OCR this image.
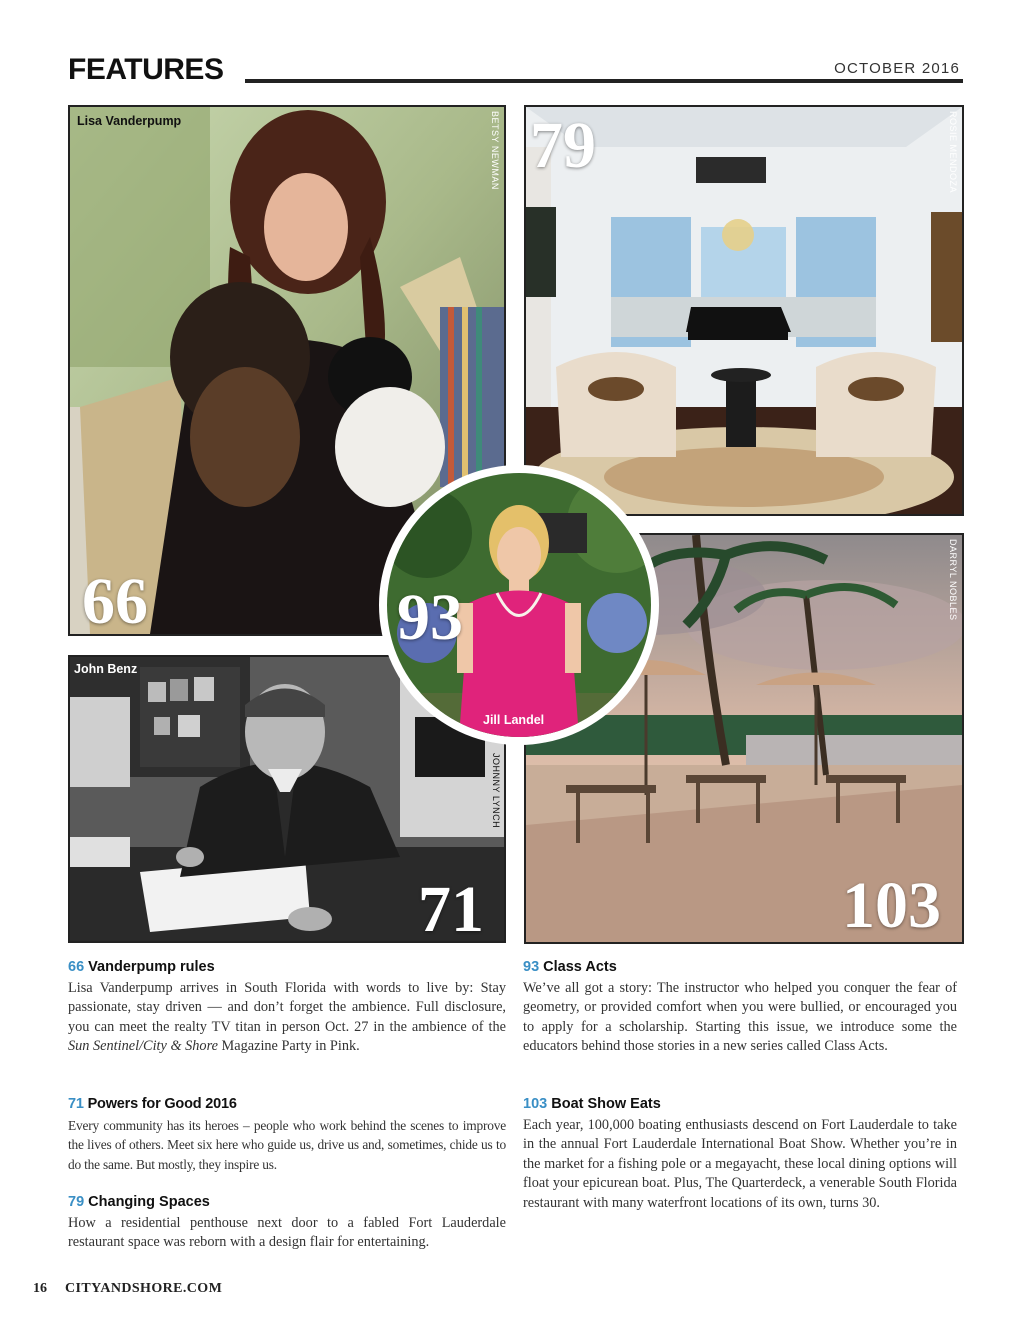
FEATURES	OCTOBER 2016
Lisa Vanderpump	BETSY NEWMAN
66
ROSIE MENDOZA
79
John Benz
JOHNNY LYNCH
71
DARRYL NOBLES
103
Jill Landel
93
66 Vanderpump rules

Lisa Vanderpump arrives in South Florida with words to live by: Stay passionate, stay driven — and don’t forget the ambience. Full disclosure, you can meet the realty TV titan in person Oct. 27 in the ambience of the Sun Sentinel/City & Shore Magazine Party in Pink.

71 Powers for Good 2016

Every community has its heroes – people who work behind the scenes to improve the lives of others. Meet six here who guide us, drive us and, sometimes, chide us to do the same. But mostly, they inspire us.

79 Changing Spaces

How a residential penthouse next door to a fabled Fort Lauderdale restaurant space was reborn with a design flair for entertaining.

93 Class Acts

We’ve all got a story: The instructor who helped you conquer the fear of geometry, or provided comfort when you were bullied, or encouraged you to apply for a scholarship. Starting this issue, we introduce some the educators behind those stories in a new series called Class Acts.

103 Boat Show Eats

Each year, 100,000 boating enthusiasts descend on Fort Lauderdale to take in the annual Fort Lauderdale International Boat Show. Whether you’re in the market for a fishing pole or a megayacht, these local dining options will float your epicurean boat. Plus, The Quarterdeck, a venerable South Florida restaurant with many waterfront locations of its own, turns 30.

16 CITYANDSHORE.COM
